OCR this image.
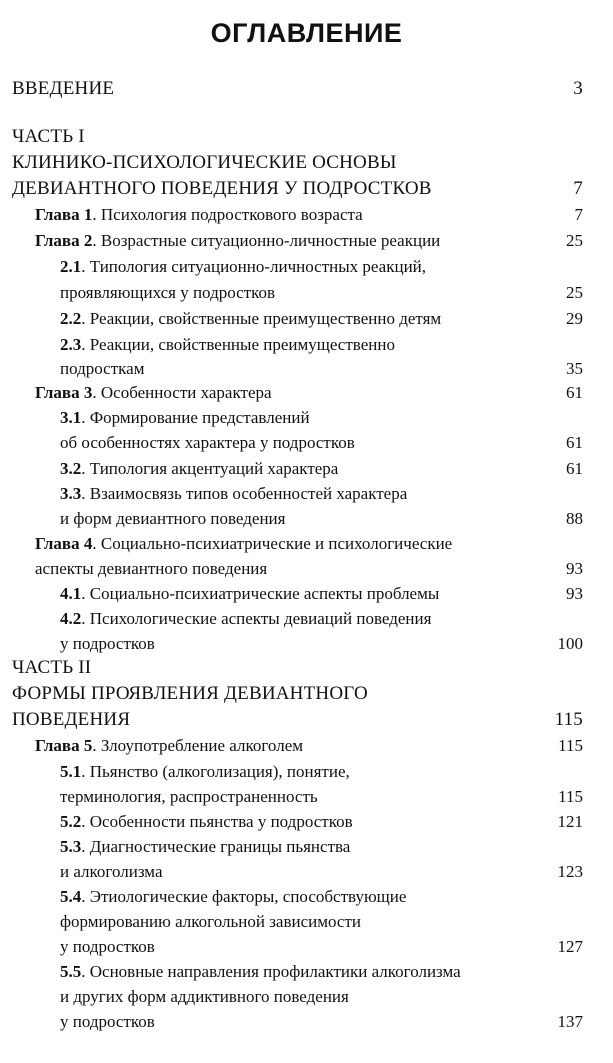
ОГЛАВЛЕНИЕ
ВВЕДЕНИЕ	3
ЧАСТЬ I
КЛИНИКО-ПСИХОЛОГИЧЕСКИЕ ОСНОВЫ
ДЕВИАНТНОГО ПОВЕДЕНИЯ У ПОДРОСТКОВ	7
Глава 1. Психология подросткового возраста	7
Глава 2. Возрастные ситуационно-личностные реакции	25
2.1. Типология ситуационно-личностных реакций,
проявляющихся у подростков	25
2.2. Реакции, свойственные преимущественно детям	29
2.3. Реакции, свойственные преимущественно
подросткам	35
Глава 3. Особенности характера	61
3.1. Формирование представлений
об особенностях характера у подростков	61
3.2. Типология акцентуаций характера	61
3.3. Взаимосвязь типов особенностей характера
и форм девиантного поведения	88
Глава 4. Социально-психиатрические и психологические
аспекты девиантного поведения	93
4.1. Социально-психиатрические аспекты проблемы	93
4.2. Психологические аспекты девиаций поведения
у подростков	100
ЧАСТЬ II
ФОРМЫ ПРОЯВЛЕНИЯ ДЕВИАНТНОГО
ПОВЕДЕНИЯ	115
Глава 5. Злоупотребление алкоголем	115
5.1. Пьянство (алкоголизация), понятие,
терминология, распространенность	115
5.2. Особенности пьянства у подростков	121
5.3. Диагностические границы пьянства
и алкоголизма	123
5.4. Этиологические факторы, способствующие
формированию алкогольной зависимости
у подростков	127
5.5. Основные направления профилактики алкоголизма
и других форм аддиктивного поведения
у подростков	137
